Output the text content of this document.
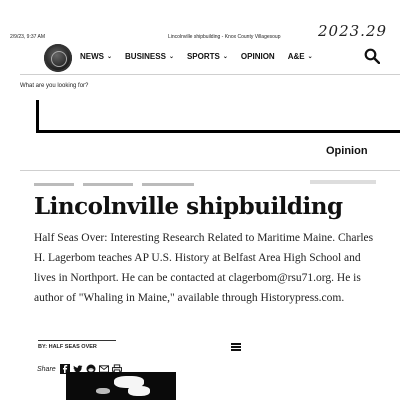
2/9/23, 9:37 AM	Lincolnville shipbuilding - Knox County Villagesoup	2023.29
NEWS ⌄ BUSINESS ⌄ SPORTS ⌄ OPINION A&E ⌄
What are you looking for?
Opinion

Lincolnville shipbuilding
Half Seas Over: Interesting Research Related to Maritime Maine. Charles H. Lagerbom teaches AP U.S. History at Belfast Area High School and lives in Northport. He can be contacted at clagerbom@rsu71.org. He is author of "Whaling in Maine," available through Historypress.com.
BY: HALF SEAS OVER
Share
